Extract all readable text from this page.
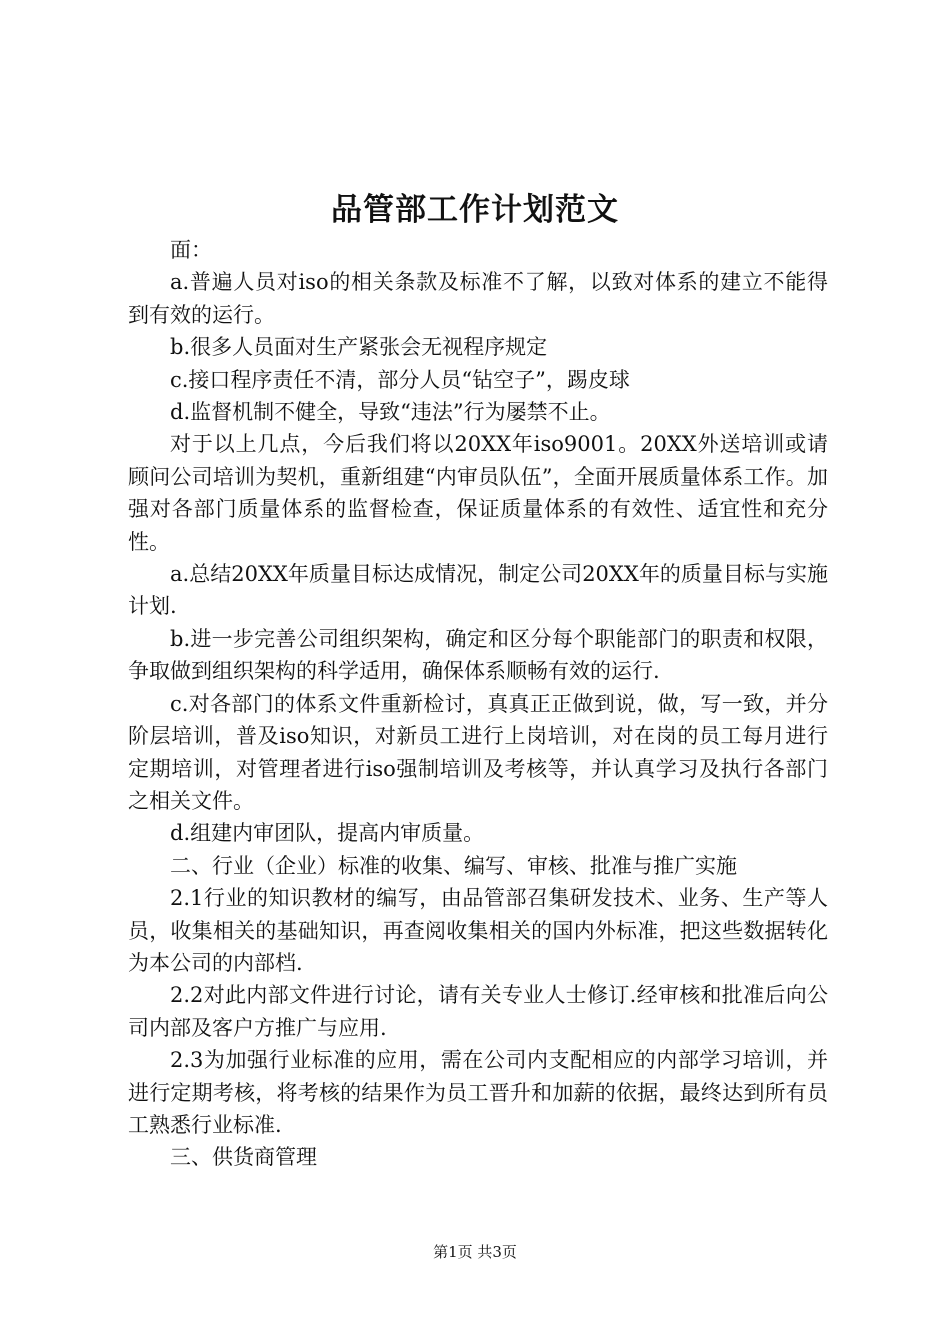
品管部工作计划范文

面：

a.普遍人员对iso的相关条款及标准不了解，以致对体系的建立不能得到有效的运行。

b.很多人员面对生产紧张会无视程序规定

c.接口程序责任不清，部分人员“钻空子”，踢皮球

d.监督机制不健全，导致“违法”行为屡禁不止。

对于以上几点，今后我们将以20XX年iso9001。20XX外送培训或请顾问公司培训为契机，重新组建“内审员队伍”，全面开展质量体系工作。加强对各部门质量体系的监督检查，保证质量体系的有效性、适宜性和充分性。

a.总结20XX年质量目标达成情况，制定公司20XX年的质量目标与实施计划.

b.进一步完善公司组织架构，确定和区分每个职能部门的职责和权限，争取做到组织架构的科学适用，确保体系顺畅有效的运行.

c.对各部门的体系文件重新检讨，真真正正做到说，做，写一致，并分阶层培训，普及iso知识，对新员工进行上岗培训，对在岗的员工每月进行定期培训，对管理者进行iso强制培训及考核等，并认真学习及执行各部门之相关文件。

d.组建内审团队，提高内审质量。

二、行业（企业）标准的收集、编写、审核、批准与推广实施

2.1行业的知识教材的编写，由品管部召集研发技术、业务、生产等人员，收集相关的基础知识，再查阅收集相关的国内外标准，把这些数据转化为本公司的内部档.

2.2对此内部文件进行讨论，请有关专业人士修订.经审核和批准后向公司内部及客户方推广与应用.

2.3为加强行业标准的应用，需在公司内支配相应的内部学习培训，并进行定期考核，将考核的结果作为员工晋升和加薪的依据，最终达到所有员工熟悉行业标准.

三、供货商管理

第1页 共3页
